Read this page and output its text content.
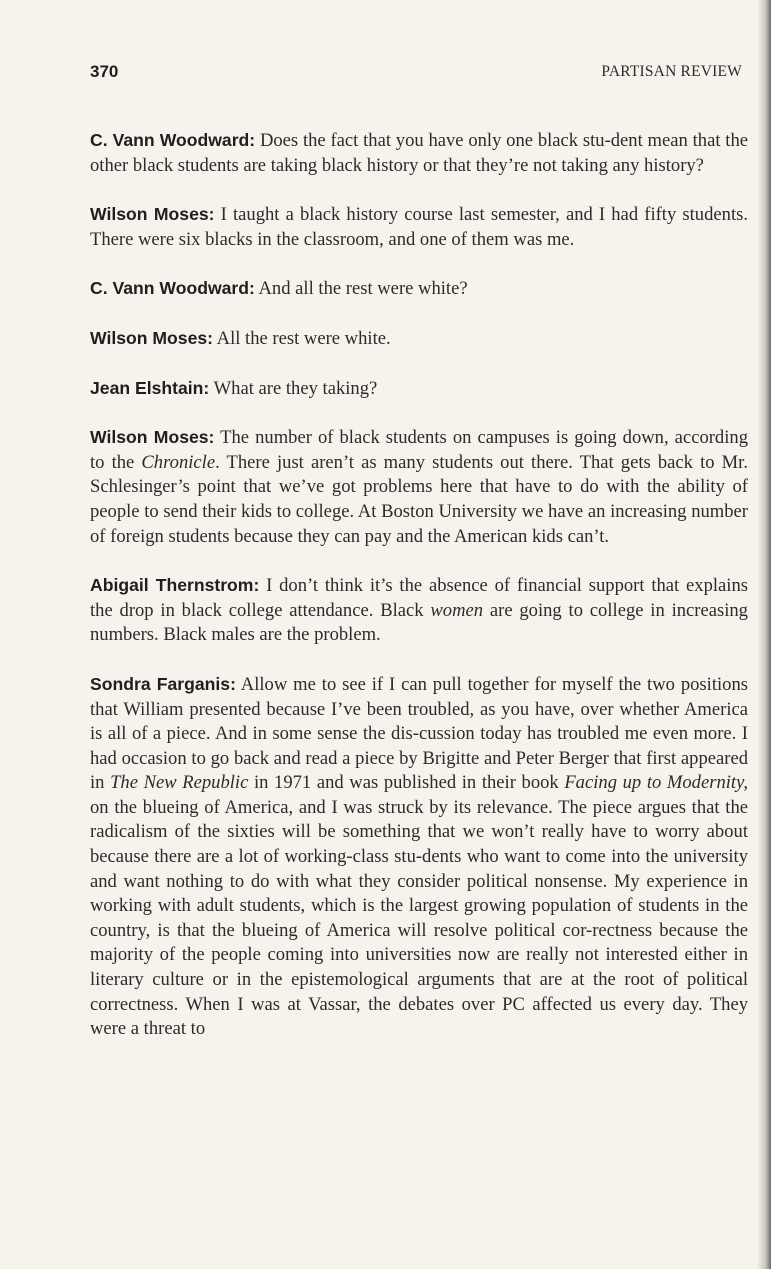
370	PARTISAN REVIEW

C. Vann Woodward: Does the fact that you have only one black stu-dent mean that the other black students are taking black history or that they’re not taking any history?

Wilson Moses: I taught a black history course last semester, and I had fifty students. There were six blacks in the classroom, and one of them was me.

C. Vann Woodward: And all the rest were white?

Wilson Moses: All the rest were white.

Jean Elshtain: What are they taking?

Wilson Moses: The number of black students on campuses is going down, according to the Chronicle. There just aren’t as many students out there. That gets back to Mr. Schlesinger’s point that we’ve got problems here that have to do with the ability of people to send their kids to college. At Boston University we have an increasing number of foreign students because they can pay and the American kids can’t.

Abigail Thernstrom: I don’t think it’s the absence of financial support that explains the drop in black college attendance. Black women are going to college in increasing numbers. Black males are the problem.

Sondra Farganis: Allow me to see if I can pull together for myself the two positions that William presented because I’ve been troubled, as you have, over whether America is all of a piece. And in some sense the dis-cussion today has troubled me even more. I had occasion to go back and read a piece by Brigitte and Peter Berger that first appeared in The New Republic in 1971 and was published in their book Facing up to Modernity, on the blueing of America, and I was struck by its relevance. The piece argues that the radicalism of the sixties will be something that we won’t really have to worry about because there are a lot of working-class stu-dents who want to come into the university and want nothing to do with what they consider political nonsense. My experience in working with adult students, which is the largest growing population of students in the country, is that the blueing of America will resolve political cor-rectness because the majority of the people coming into universities now are really not interested either in literary culture or in the epistemological arguments that are at the root of political correctness. When I was at Vassar, the debates over PC affected us every day. They were a threat to
